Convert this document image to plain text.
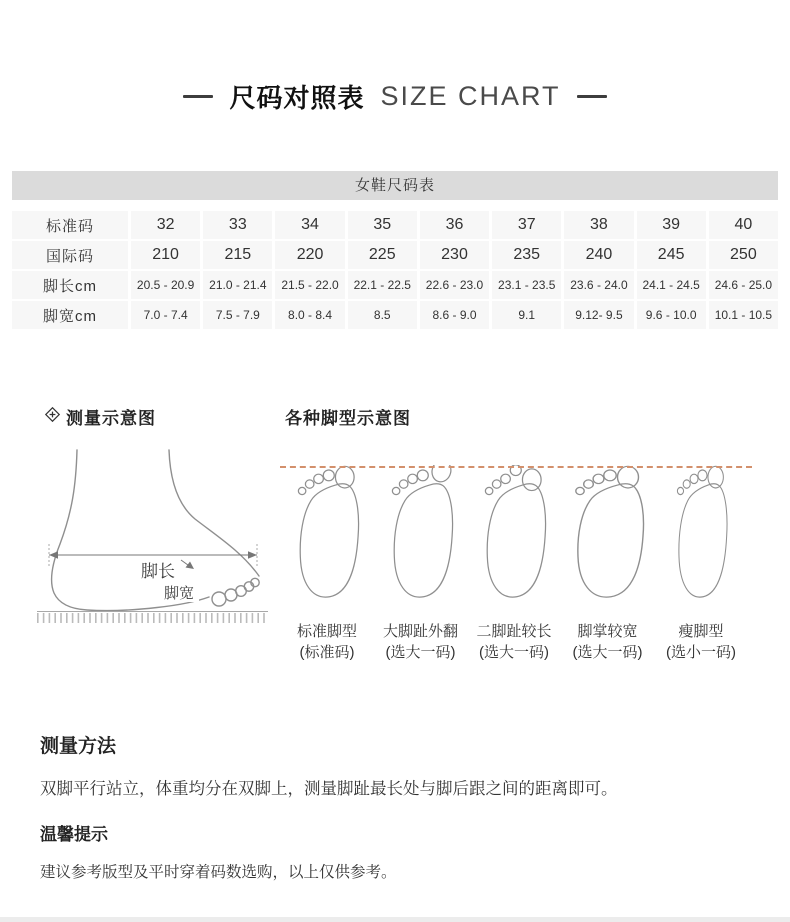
尺码对照表 SIZE CHART
女鞋尺码表
标准码	32	33	34	35	36	37	38	39	40
国际码	210	215	220	225	230	235	240	245	250
脚长cm	20.5 - 20.9	21.0 - 21.4	21.5 - 22.0	22.1 - 22.5	22.6 - 23.0	23.1 - 23.5	23.6 - 24.0	24.1 - 24.5	24.6 - 25.0
脚宽cm	7.0 - 7.4	7.5 - 7.9	8.0 - 8.4	8.5	8.6 - 9.0	9.1	9.12- 9.5	9.6 - 10.0	10.1 - 10.5
测量示意图	各种脚型示意图
脚长
脚宽
标准脚型
(标准码)
大脚趾外翻
(选大一码)
二脚趾较长
(选大一码)
脚掌较宽
(选大一码)
瘦脚型
(选小一码)
测量方法
双脚平行站立，体重均分在双脚上，测量脚趾最长处与脚后跟之间的距离即可。
温馨提示
建议参考版型及平时穿着码数选购，以上仅供参考。
